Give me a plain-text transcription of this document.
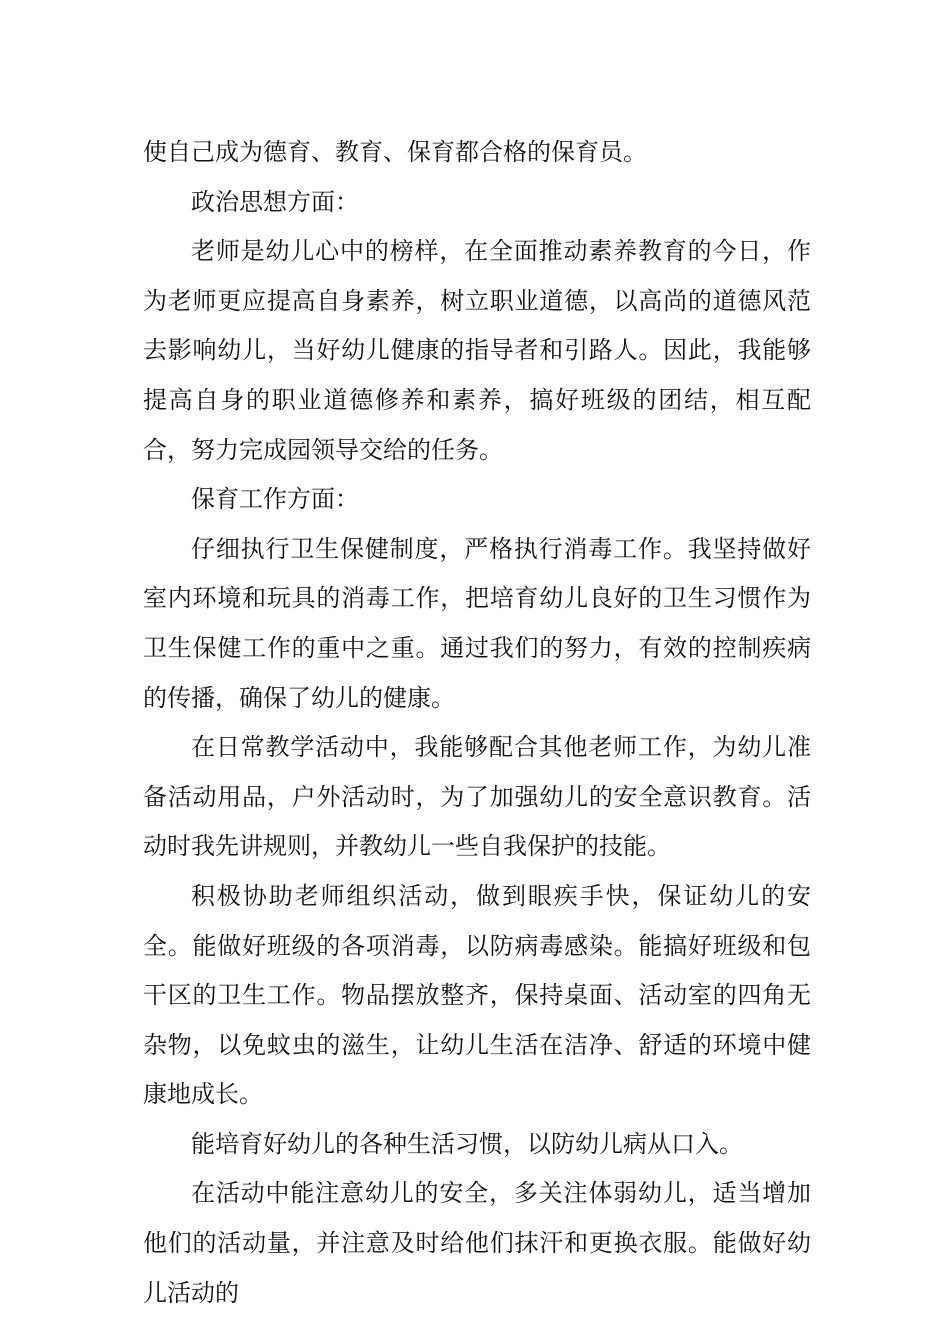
使自己成为德育、教育、保育都合格的保育员。

政治思想方面：

老师是幼儿心中的榜样，在全面推动素养教育的今日，作为老师更应提高自身素养，树立职业道德，以高尚的道德风范去影响幼儿，当好幼儿健康的指导者和引路人。因此，我能够提高自身的职业道德修养和素养，搞好班级的团结，相互配合，努力完成园领导交给的任务。

保育工作方面：

仔细执行卫生保健制度，严格执行消毒工作。我坚持做好室内环境和玩具的消毒工作，把培育幼儿良好的卫生习惯作为卫生保健工作的重中之重。通过我们的努力，有效的控制疾病的传播，确保了幼儿的健康。

在日常教学活动中，我能够配合其他老师工作，为幼儿准备活动用品，户外活动时，为了加强幼儿的安全意识教育。活动时我先讲规则，并教幼儿一些自我保护的技能。

积极协助老师组织活动，做到眼疾手快，保证幼儿的安全。能做好班级的各项消毒，以防病毒感染。能搞好班级和包干区的卫生工作。物品摆放整齐，保持桌面、活动室的四角无杂物，以免蚊虫的滋生，让幼儿生活在洁净、舒适的环境中健康地成长。

能培育好幼儿的各种生活习惯，以防幼儿病从口入。

在活动中能注意幼儿的安全，多关注体弱幼儿，适当增加他们的活动量，并注意及时给他们抹汗和更换衣服。能做好幼儿活动的
